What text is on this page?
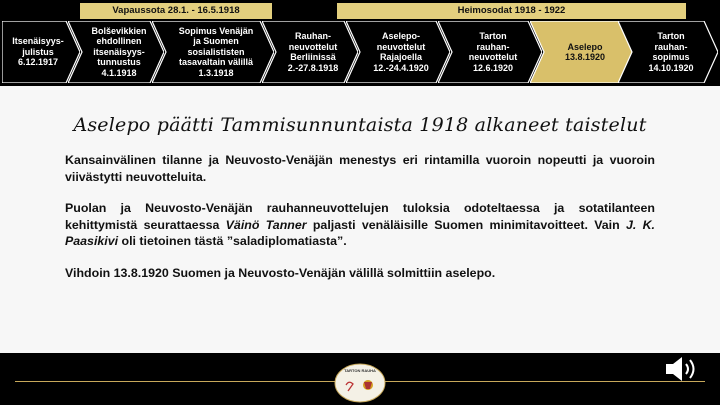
Vapaussota 28.1. - 16.5.1918	Heimosodat 1918 - 1922
Itsenäisyys-
julistus
6.12.1917
Bolševikkien
ehdollinen
itsenäisyys-
tunnustus
4.1.1918
Sopimus Venäjän
ja Suomen
sosialististen
tasavaltain välillä
1.3.1918
Rauhan-
neuvottelut
Berliinissä
2.-27.8.1918
Aselepo-
neuvottelut
Rajajoella
12.-24.4.1920
Tarton
rauhan-
neuvottelut
12.6.1920
Aselepo
13.8.1920
Tarton
rauhan-
sopimus
14.10.1920
Aselepo päätti Tammisunnuntaista 1918 alkaneet taistelut

Kansainvälinen tilanne ja Neuvosto-Venäjän menestys eri rintamilla vuoroin nopeutti ja vuoroin viivästytti neuvotteluita.

Puolan ja Neuvosto-Venäjän rauhanneuvottelujen tuloksia odoteltaessa ja sotatilanteen kehittymistä seurattaessa Väinö Tanner paljasti venäläisille Suomen minimitavoitteet. Vain J. K. Paasikivi oli tietoinen tästä ”saladiplomatiasta”.

Vihdoin 13.8.1920 Suomen ja Neuvosto-Venäjän välillä solmittiin aselepo.

TARTON RAUHA
